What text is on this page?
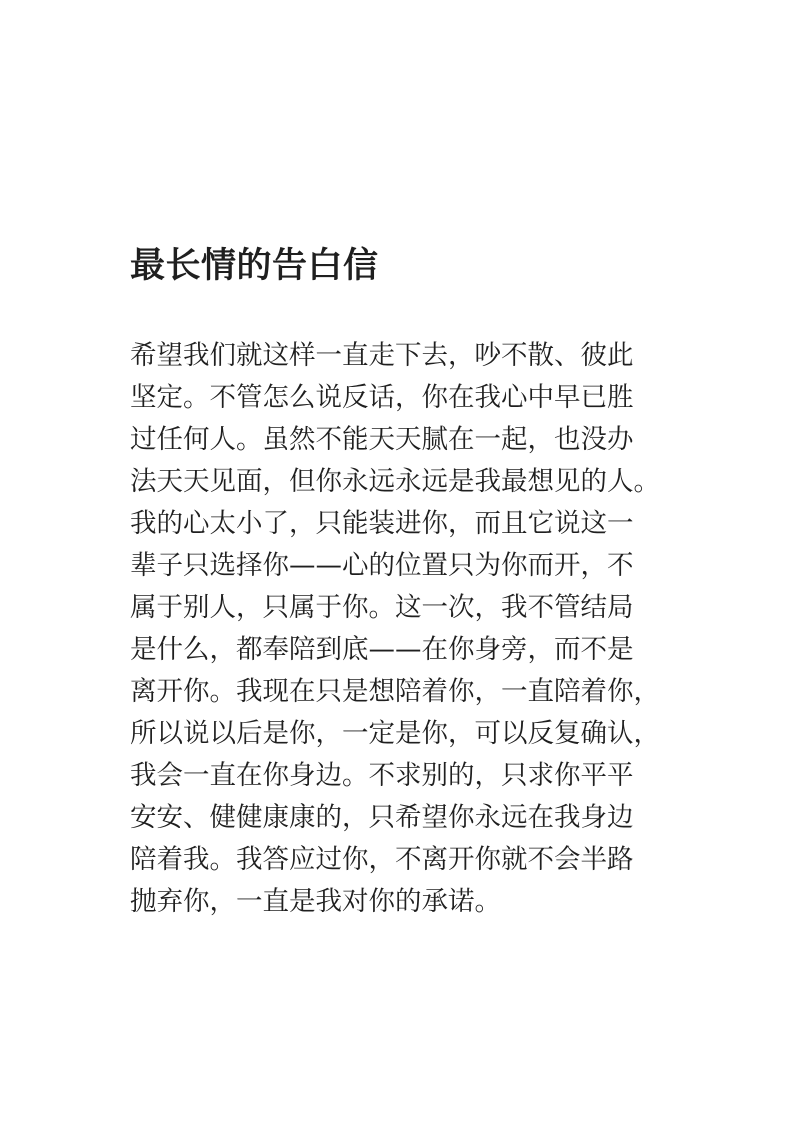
最长情的告白信
希望我们就这样一直走下去，吵不散、彼此
坚定。不管怎么说反话，你在我心中早已胜
过任何人。虽然不能天天腻在一起，也没办
法天天见面，但你永远永远是我最想见的人。
我的心太小了，只能装进你，而且它说这一
辈子只选择你——心的位置只为你而开，不
属于别人，只属于你。这一次，我不管结局
是什么，都奉陪到底——在你身旁，而不是
离开你。我现在只是想陪着你，一直陪着你，
所以说以后是你，一定是你，可以反复确认，
我会一直在你身边。不求别的，只求你平平
安安、健健康康的，只希望你永远在我身边
陪着我。我答应过你，不离开你就不会半路
抛弃你，一直是我对你的承诺。
